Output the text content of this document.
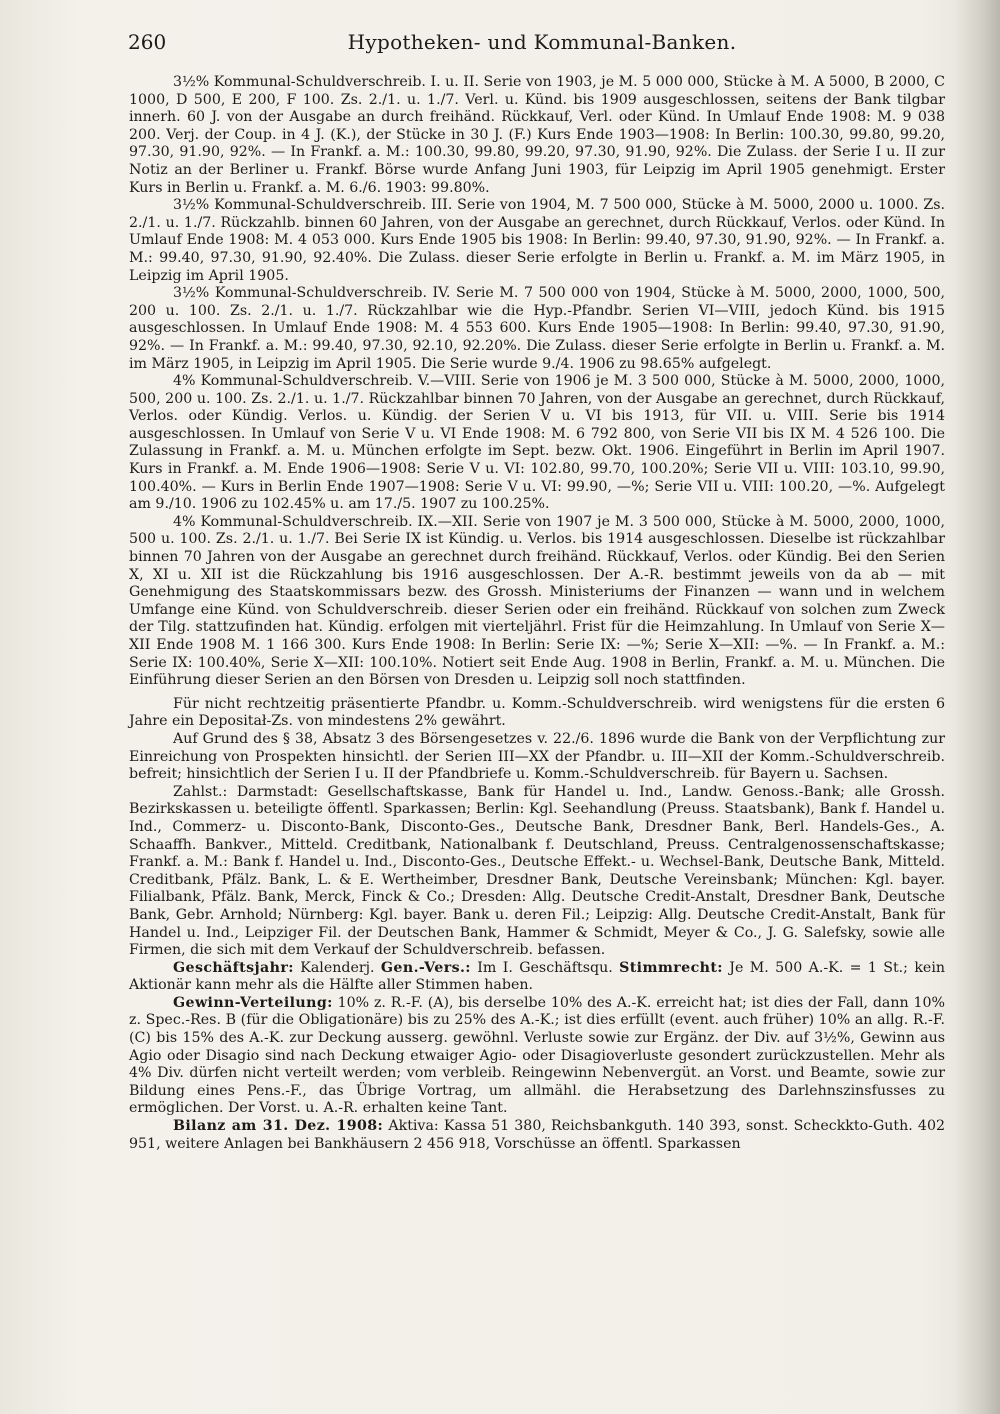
260	Hypotheken- und Kommunal-Banken.

3½% Kommunal-Schuldverschreib. I. u. II. Serie von 1903, je M. 5 000 000, Stücke à M. A 5000, B 2000, C 1000, D 500, E 200, F 100. Zs. 2./1. u. 1./7. Verl. u. Künd. bis 1909 ausgeschlossen, seitens der Bank tilgbar innerh. 60 J. von der Ausgabe an durch freihänd. Rückkauf, Verl. oder Künd. In Umlauf Ende 1908: M. 9 038 200. Verj. der Coup. in 4 J. (K.), der Stücke in 30 J. (F.) Kurs Ende 1903—1908: In Berlin: 100.30, 99.80, 99.20, 97.30, 91.90, 92%. — In Frankf. a. M.: 100.30, 99.80, 99.20, 97.30, 91.90, 92%. Die Zulass. der Serie I u. II zur Notiz an der Berliner u. Frankf. Börse wurde Anfang Juni 1903, für Leipzig im April 1905 genehmigt. Erster Kurs in Berlin u. Frankf. a. M. 6./6. 1903: 99.80%.

3½% Kommunal-Schuldverschreib. III. Serie von 1904, M. 7 500 000, Stücke à M. 5000, 2000 u. 1000. Zs. 2./1. u. 1./7. Rückzahlb. binnen 60 Jahren, von der Ausgabe an gerechnet, durch Rückkauf, Verlos. oder Künd. In Umlauf Ende 1908: M. 4 053 000. Kurs Ende 1905 bis 1908: In Berlin: 99.40, 97.30, 91.90, 92%. — In Frankf. a. M.: 99.40, 97.30, 91.90, 92.40%. Die Zulass. dieser Serie erfolgte in Berlin u. Frankf. a. M. im März 1905, in Leipzig im April 1905.

3½% Kommunal-Schuldverschreib. IV. Serie M. 7 500 000 von 1904, Stücke à M. 5000, 2000, 1000, 500, 200 u. 100. Zs. 2./1. u. 1./7. Rückzahlbar wie die Hyp.-Pfandbr. Serien VI—VIII, jedoch Künd. bis 1915 ausgeschlossen. In Umlauf Ende 1908: M. 4 553 600. Kurs Ende 1905—1908: In Berlin: 99.40, 97.30, 91.90, 92%. — In Frankf. a. M.: 99.40, 97.30, 92.10, 92.20%. Die Zulass. dieser Serie erfolgte in Berlin u. Frankf. a. M. im März 1905, in Leipzig im April 1905. Die Serie wurde 9./4. 1906 zu 98.65% aufgelegt.

4% Kommunal-Schuldverschreib. V.—VIII. Serie von 1906 je M. 3 500 000, Stücke à M. 5000, 2000, 1000, 500, 200 u. 100. Zs. 2./1. u. 1./7. Rückzahlbar binnen 70 Jahren, von der Ausgabe an gerechnet, durch Rückkauf, Verlos. oder Kündig. Verlos. u. Kündig. der Serien V u. VI bis 1913, für VII. u. VIII. Serie bis 1914 ausgeschlossen. In Umlauf von Serie V u. VI Ende 1908: M. 6 792 800, von Serie VII bis IX M. 4 526 100. Die Zulassung in Frankf. a. M. u. München erfolgte im Sept. bezw. Okt. 1906. Eingeführt in Berlin im April 1907. Kurs in Frankf. a. M. Ende 1906—1908: Serie V u. VI: 102.80, 99.70, 100.20%; Serie VII u. VIII: 103.10, 99.90, 100.40%. — Kurs in Berlin Ende 1907—1908: Serie V u. VI: 99.90, —%; Serie VII u. VIII: 100.20, —%. Aufgelegt am 9./10. 1906 zu 102.45% u. am 17./5. 1907 zu 100.25%.

4% Kommunal-Schuldverschreib. IX.—XII. Serie von 1907 je M. 3 500 000, Stücke à M. 5000, 2000, 1000, 500 u. 100. Zs. 2./1. u. 1./7. Bei Serie IX ist Kündig. u. Verlos. bis 1914 ausgeschlossen. Dieselbe ist rückzahlbar binnen 70 Jahren von der Ausgabe an gerechnet durch freihänd. Rückkauf, Verlos. oder Kündig. Bei den Serien X, XI u. XII ist die Rückzahlung bis 1916 ausgeschlossen. Der A.-R. bestimmt jeweils von da ab — mit Genehmigung des Staatskommissars bezw. des Grossh. Ministeriums der Finanzen — wann und in welchem Umfange eine Künd. von Schuldverschreib. dieser Serien oder ein freihänd. Rückkauf von solchen zum Zweck der Tilg. stattzufinden hat. Kündig. erfolgen mit vierteljährl. Frist für die Heimzahlung. In Umlauf von Serie X—XII Ende 1908 M. 1 166 300. Kurs Ende 1908: In Berlin: Serie IX: —%; Serie X—XII: —%. — In Frankf. a. M.: Serie IX: 100.40%, Serie X—XII: 100.10%. Notiert seit Ende Aug. 1908 in Berlin, Frankf. a. M. u. München. Die Einführung dieser Serien an den Börsen von Dresden u. Leipzig soll noch stattfinden.

Für nicht rechtzeitig präsentierte Pfandbr. u. Komm.-Schuldverschreib. wird wenigstens für die ersten 6 Jahre ein Depositał-Zs. von mindestens 2% gewährt.

Auf Grund des § 38, Absatz 3 des Börsengesetzes v. 22./6. 1896 wurde die Bank von der Verpflichtung zur Einreichung von Prospekten hinsichtl. der Serien III—XX der Pfandbr. u. III—XII der Komm.-Schuldverschreib. befreit; hinsichtlich der Serien I u. II der Pfandbriefe u. Komm.-Schuldverschreib. für Bayern u. Sachsen.

Zahlst.: Darmstadt: Gesellschaftskasse, Bank für Handel u. Ind., Landw. Genoss.-Bank; alle Grossh. Bezirkskassen u. beteiligte öffentl. Sparkassen; Berlin: Kgl. Seehandlung (Preuss. Staatsbank), Bank f. Handel u. Ind., Commerz- u. Disconto-Bank, Disconto-Ges., Deutsche Bank, Dresdner Bank, Berl. Handels-Ges., A. Schaaffh. Bankver., Mitteld. Creditbank, Nationalbank f. Deutschland, Preuss. Centralgenossenschaftskasse; Frankf. a. M.: Bank f. Handel u. Ind., Disconto-Ges., Deutsche Effekt.- u. Wechsel-Bank, Deutsche Bank, Mitteld. Creditbank, Pfälz. Bank, L. & E. Wertheimber, Dresdner Bank, Deutsche Vereinsbank; München: Kgl. bayer. Filialbank, Pfälz. Bank, Merck, Finck & Co.; Dresden: Allg. Deutsche Credit-Anstalt, Dresdner Bank, Deutsche Bank, Gebr. Arnhold; Nürnberg: Kgl. bayer. Bank u. deren Fil.; Leipzig: Allg. Deutsche Credit-Anstalt, Bank für Handel u. Ind., Leipziger Fil. der Deutschen Bank, Hammer & Schmidt, Meyer & Co., J. G. Salefsky, sowie alle Firmen, die sich mit dem Verkauf der Schuldverschreib. befassen.

Geschäftsjahr: Kalenderj. Gen.-Vers.: Im I. Geschäftsqu. Stimmrecht: Je M. 500 A.-K. = 1 St.; kein Aktionär kann mehr als die Hälfte aller Stimmen haben.

Gewinn-Verteilung: 10% z. R.-F. (A), bis derselbe 10% des A.-K. erreicht hat; ist dies der Fall, dann 10% z. Spec.-Res. B (für die Obligationäre) bis zu 25% des A.-K.; ist dies erfüllt (event. auch früher) 10% an allg. R.-F. (C) bis 15% des A.-K. zur Deckung ausserg. gewöhnl. Verluste sowie zur Ergänz. der Div. auf 3½%, Gewinn aus Agio oder Disagio sind nach Deckung etwaiger Agio- oder Disagioverluste gesondert zurückzustellen. Mehr als 4% Div. dürfen nicht verteilt werden; vom verbleib. Reingewinn Nebenvergüt. an Vorst. und Beamte, sowie zur Bildung eines Pens.-F., das Übrige Vortrag, um allmähl. die Herabsetzung des Darlehnszinsfusses zu ermöglichen. Der Vorst. u. A.-R. erhalten keine Tant.

Bilanz am 31. Dez. 1908: Aktiva: Kassa 51 380, Reichsbankguth. 140 393, sonst. Scheckkto-Guth. 402 951, weitere Anlagen bei Bankhäusern 2 456 918, Vorschüsse an öffentl. Sparkassen
